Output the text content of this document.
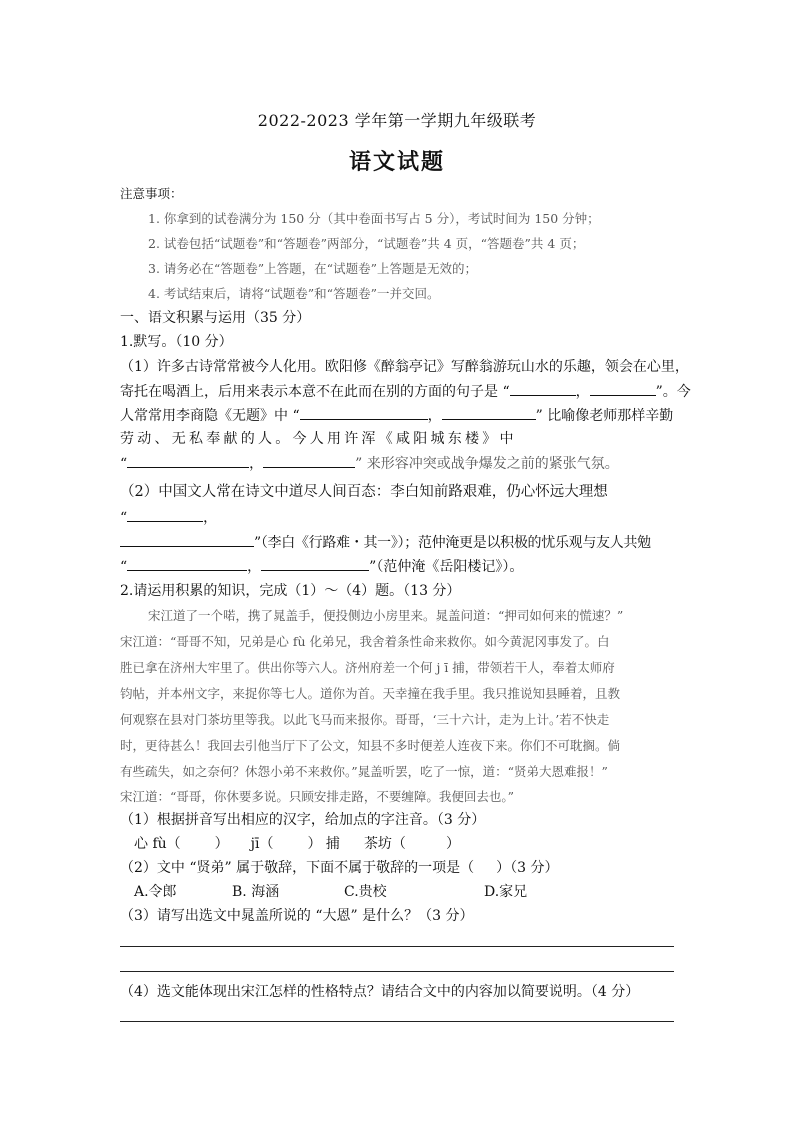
2022-2023 学年第一学期九年级联考
语文试题
注意事项：
1. 你拿到的试卷满分为 150 分（其中卷面书写占 5 分），考试时间为 150 分钟；
2. 试卷包括“试题卷”和“答题卷”两部分，“试题卷”共 4 页，“答题卷”共 4 页；
3. 请务必在“答题卷”上答题，在“试题卷”上答题是无效的；
4. 考试结束后，请将“试题卷”和“答题卷”一并交回。
一、语文积累与运用（35 分）
1.默写。（10 分）
（1）许多古诗常常被今人化用。欧阳修《醉翁亭记》写醉翁游玩山水的乐趣，领会在心里，
寄托在喝酒上，后用来表示本意不在此而在别的方面的句子是 “	，	”。今
人常常用李商隐《无题》中 “	，	” 比喻像老师那样辛勤
劳 动 、 无 私 奉 献 的 人 。 今 人 用 许 浑 《 咸 阳 城 东 楼 》 中
“	，	” 来形容冲突或战争爆发之前的紧张气氛。
（2）中国文人常在诗文中道尽人间百态：李白知前路艰难，仍心怀远大理想
“	，
”（李白《行路难・其一》）；范仲淹更是以积极的忧乐观与友人共勉
“	，	”（范仲淹《岳阳楼记》）。
2.请运用积累的知识，完成（1）～（4）题。（13 分）
宋江道了一个喏，携了晁盖手，便投侧边小房里来。晁盖问道：“押司如何来的慌速？”
宋江道：“哥哥不知，兄弟是心 fù 化弟兄，我舍着条性命来救你。如今黄泥冈事发了。白
胜已拿在济州大牢里了。供出你等六人。济州府差一个何 j ī 捕，带领若干人，奉着太师府
钧帖，并本州文字，来捉你等七人。道你为首。天幸撞在我手里。我只推说知县睡着，且教
何观察在县对门茶坊里等我。以此飞马而来报你。哥哥，‘三十六计，走为上计。’若不快走
时，更待甚么！我回去引他当厅下了公文，知县不多时便差人连夜下来。你们不可耽搁。倘
有些疏失，如之奈何？休怨小弟不来救你。”晁盖听罢，吃了一惊，道：“贤弟大恩难报！”
宋江道：“哥哥，你休要多说。只顾安排走路，不要缠障。我便回去也。”
（1）根据拼音写出相应的汉字，给加点的字注音。（3 分）
心 fù（ ） jī（ ） 捕 茶坊（	）
（2）文中 “贤弟” 属于敬辞，下面不属于敬辞的一项是（ ）（3 分）
A.令郎	B. 海涵	C.贵校	D.家兄
（3）请写出选文中晁盖所说的 “大恩” 是什么？（3 分）
（4）选文能体现出宋江怎样的性格特点？请结合文中的内容加以简要说明。（4 分）
